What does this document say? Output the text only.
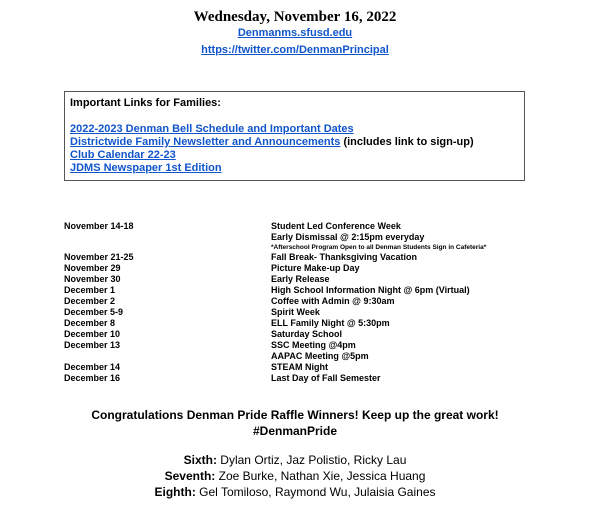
Wednesday, November 16, 2022
Denmanms.sfusd.edu
https://twitter.com/DenmanPrincipal
Important Links for Families:
2022-2023 Denman Bell Schedule and Important Dates
Districtwide Family Newsletter and Announcements (includes link to sign-up)
Club Calendar 22-23
JDMS Newspaper 1st Edition
November 14-18	Student Led Conference Week
Early Dismissal @ 2:15pm everyday
*Afterschool Program Open to all Denman Students Sign in Cafeteria*
November 21-25	Fall Break- Thanksgiving Vacation
November 29	Picture Make-up Day
November 30	Early Release
December 1	High School Information Night @ 6pm (Virtual)
December 2	Coffee with Admin @ 9:30am
December 5-9	Spirit Week
December 8	ELL Family Night @ 5:30pm
December 10	Saturday School
December 13	SSC Meeting @4pm
AAPAC Meeting @5pm
December 14	STEAM Night
December 16	Last Day of Fall Semester
Congratulations Denman Pride Raffle Winners! Keep up the great work!
#DenmanPride
Sixth: Dylan Ortiz, Jaz Polistio, Ricky Lau
Seventh: Zoe Burke, Nathan Xie, Jessica Huang
Eighth: Gel Tomiloso, Raymond Wu, Julaisia Gaines
